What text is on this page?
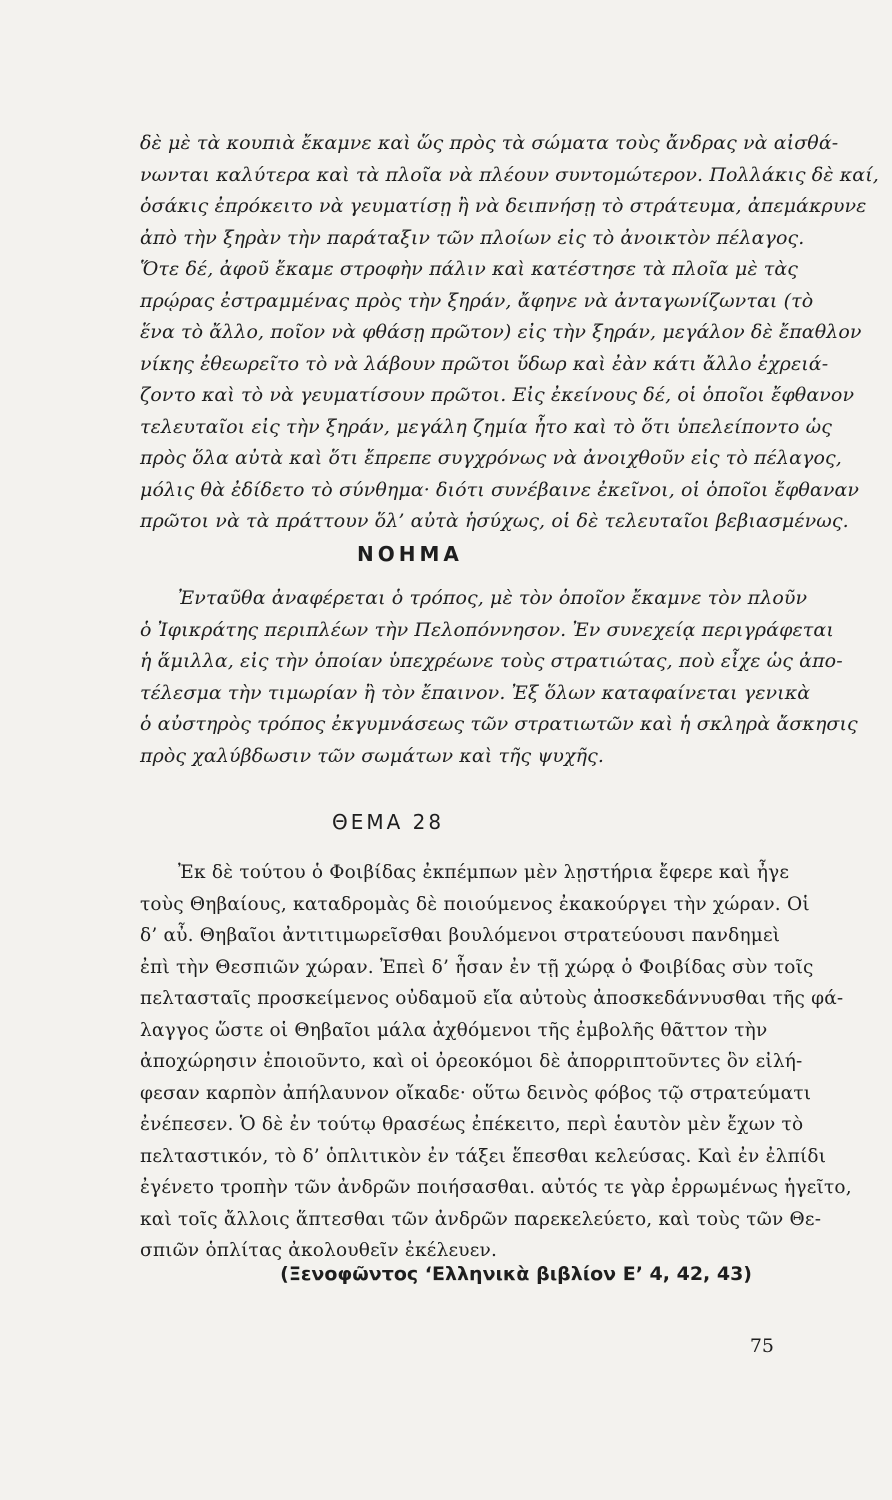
δὲ μὲ τὰ κουπιὰ ἔκαμνε καὶ ὥς πρὸς τὰ σώματα τοὺς ἄνδρας νὰ αἰσθά-
νωνται καλύτερα καὶ τὰ πλοῖα νὰ πλέουν συντομώτερον. Πολλάκις δὲ καί,
ὁσάκις ἐπρόκειτο νὰ γευματίσῃ ἢ νὰ δειπνήσῃ τὸ στράτευμα, ἀπεμάκρυνε
ἀπὸ τὴν ξηρὰν τὴν παράταξιν τῶν πλοίων εἰς τὸ ἀνοικτὸν πέλαγος.
Ὅτε δέ, ἀφοῦ ἔκαμε στροφὴν πάλιν καὶ κατέστησε τὰ πλοῖα μὲ τὰς
πρῴρας ἐστραμμένας πρὸς τὴν ξηράν, ἄφηνε νὰ ἀνταγωνίζωνται (τὸ
ἕνα τὸ ἄλλο, ποῖον νὰ φθάσῃ πρῶτον) εἰς τὴν ξηράν, μεγάλον δὲ ἔπαθλον
νίκης ἐθεωρεῖτο τὸ νὰ λάβουν πρῶτοι ὕδωρ καὶ ἐὰν κάτι ἄλλο ἐχρειά-
ζοντο καὶ τὸ νὰ γευματίσουν πρῶτοι. Εἰς ἐκείνους δέ, οἱ ὁποῖοι ἔφθανον
τελευταῖοι εἰς τὴν ξηράν, μεγάλη ζημία ἦτο καὶ τὸ ὅτι ὑπελείποντο ὡς
πρὸς ὅλα αὐτὰ καὶ ὅτι ἔπρεπε συγχρόνως νὰ ἀνοιχθοῦν εἰς τὸ πέλαγος,
μόλις θὰ ἐδίδετο τὸ σύνθημα· διότι συνέβαινε ἐκεῖνοι, οἱ ὁποῖοι ἔφθαναν
πρῶτοι νὰ τὰ πράττουν ὅλ’ αὐτὰ ἡσύχως, οἱ δὲ τελευταῖοι βεβιασμένως.
ΝΟΗΜΑ
Ἐνταῦθα ἀναφέρεται ὁ τρόπος, μὲ τὸν ὁποῖον ἔκαμνε τὸν πλοῦν
ὁ Ἰφικράτης περιπλέων τὴν Πελοπόννησον. Ἐν συνεχείᾳ περιγράφεται
ἡ ἅμιλλα, εἰς τὴν ὁποίαν ὑπεχρέωνε τοὺς στρατιώτας, ποὺ εἶχε ὡς ἀπο-
τέλεσμα τὴν τιμωρίαν ἢ τὸν ἔπαινον. Ἐξ ὅλων καταφαίνεται γενικὰ
ὁ αὐστηρὸς τρόπος ἐκγυμνάσεως τῶν στρατιωτῶν καὶ ἡ σκληρὰ ἄσκησις
πρὸς χαλύβδωσιν τῶν σωμάτων καὶ τῆς ψυχῆς.
ΘΕΜΑ 28
Ἐκ δὲ τούτου ὁ Φοιβίδας ἐκπέμπων μὲν λῃστήρια ἔφερε καὶ ἦγε
τοὺς Θηβαίους, καταδρομὰς δὲ ποιούμενος ἐκακούργει τὴν χώραν. Οἱ
δ’ αὖ. Θηβαῖοι ἀντιτιμωρεῖσθαι βουλόμενοι στρατεύουσι πανδημεὶ
ἐπὶ τὴν Θεσπιῶν χώραν. Ἐπεὶ δ’ ἦσαν ἐν τῇ χώρᾳ ὁ Φοιβίδας σὺν τοῖς
πελτασταῖς προσκείμενος οὐδαμοῦ εἴα αὐτοὺς ἀποσκεδάννυσθαι τῆς φά-
λαγγος ὥστε οἱ Θηβαῖοι μάλα ἀχθόμενοι τῆς ἐμβολῆς θᾶττον τὴν
ἀποχώρησιν ἐποιοῦντο, καὶ οἱ ὀρεοκόμοι δὲ ἀπορριπτοῦντες ὃν εἰλή-
φεσαν καρπὸν ἀπήλαυνον οἴκαδε· οὕτω δεινὸς φόβος τῷ στρατεύματι
ἐνέπεσεν. Ὁ δὲ ἐν τούτῳ θρασέως ἐπέκειτο, περὶ ἑαυτὸν μὲν ἔχων τὸ
πελταστικόν, τὸ δ’ ὁπλιτικὸν ἐν τάξει ἕπεσθαι κελεύσας. Καὶ ἐν ἐλπίδι
ἐγένετο τροπὴν τῶν ἀνδρῶν ποιήσασθαι. αὐτός τε γὰρ ἐρρωμένως ἡγεῖτο,
καὶ τοῖς ἄλλοις ἅπτεσθαι τῶν ἀνδρῶν παρεκελεύετο, καὶ τοὺς τῶν Θε-
σπιῶν ὁπλίτας ἀκολουθεῖν ἐκέλευεν.
(Ξενοφῶντος ‘Ελληνικὰ βιβλίον Ε’ 4, 42, 43)
75
